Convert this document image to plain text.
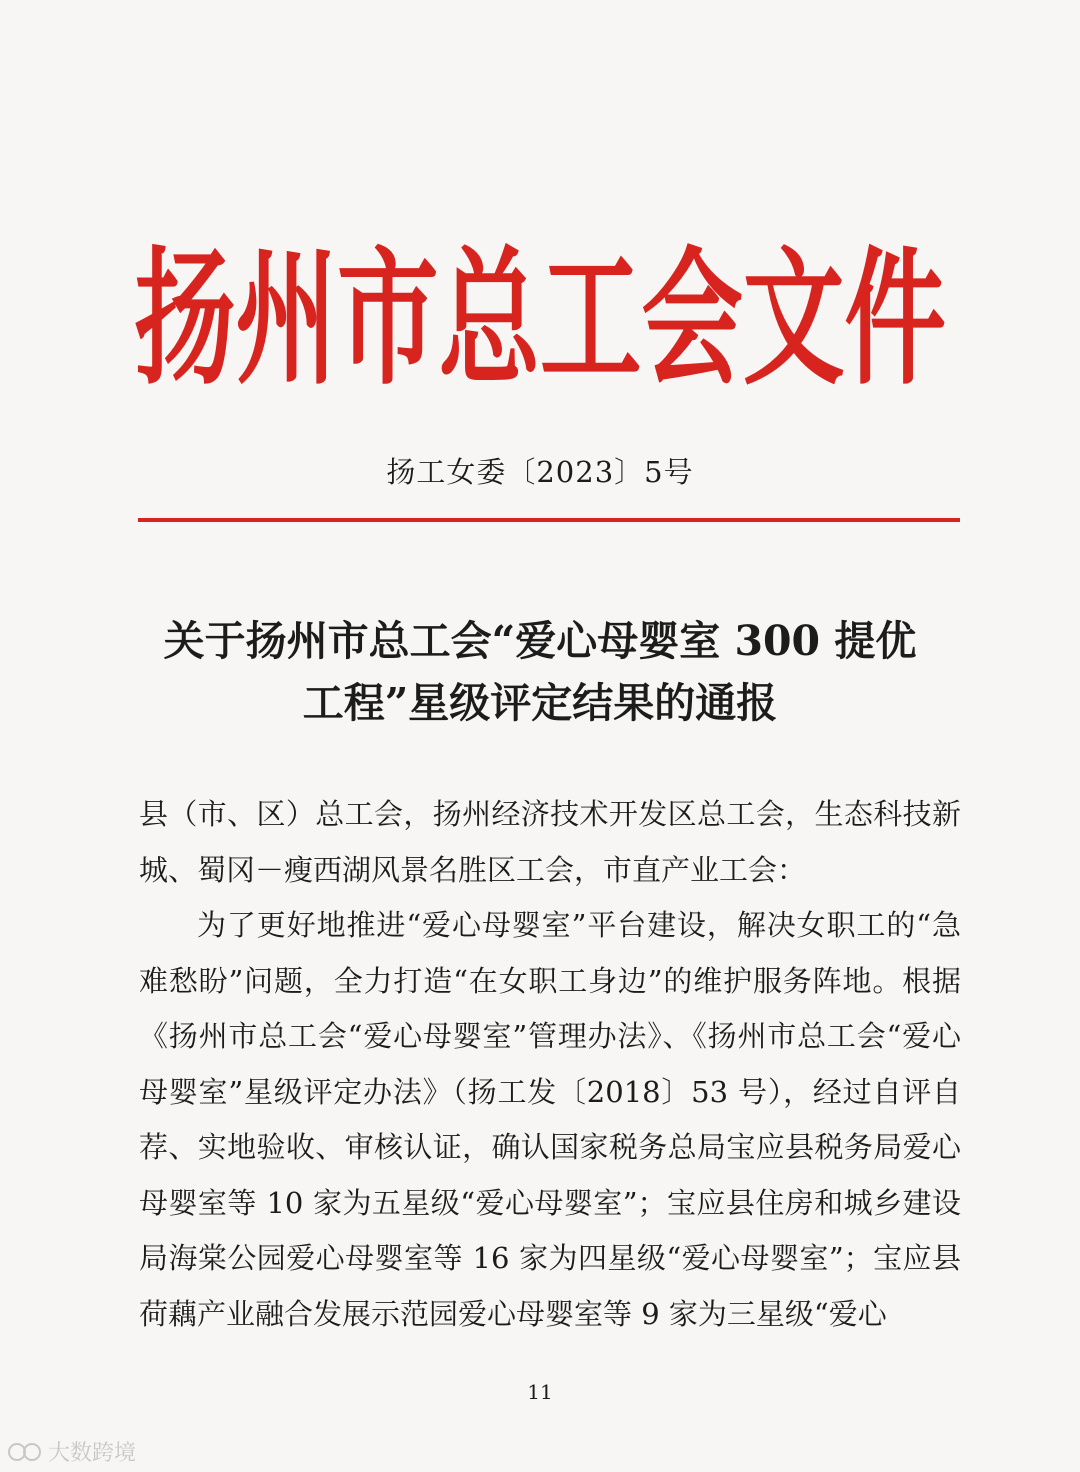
扬州市总工会文件
扬工女委〔2023〕5号
关于扬州市总工会“爱心母婴室 300 提优
工程”星级评定结果的通报

县（市、区）总工会，扬州经济技术开发区总工会，生态科技新城、蜀冈－瘦西湖风景名胜区工会，市直产业工会：

为了更好地推进“爱心母婴室”平台建设，解决女职工的“急难愁盼”问题，全力打造“在女职工身边”的维护服务阵地。根据《扬州市总工会“爱心母婴室”管理办法》、《扬州市总工会“爱心母婴室”星级评定办法》（扬工发〔2018〕53 号），经过自评自荐、实地验收、审核认证，确认国家税务总局宝应县税务局爱心母婴室等 10 家为五星级“爱心母婴室”；宝应县住房和城乡建设局海棠公园爱心母婴室等 16 家为四星级“爱心母婴室”；宝应县荷藕产业融合发展示范园爱心母婴室等 9 家为三星级“爱心

11
大数跨境
